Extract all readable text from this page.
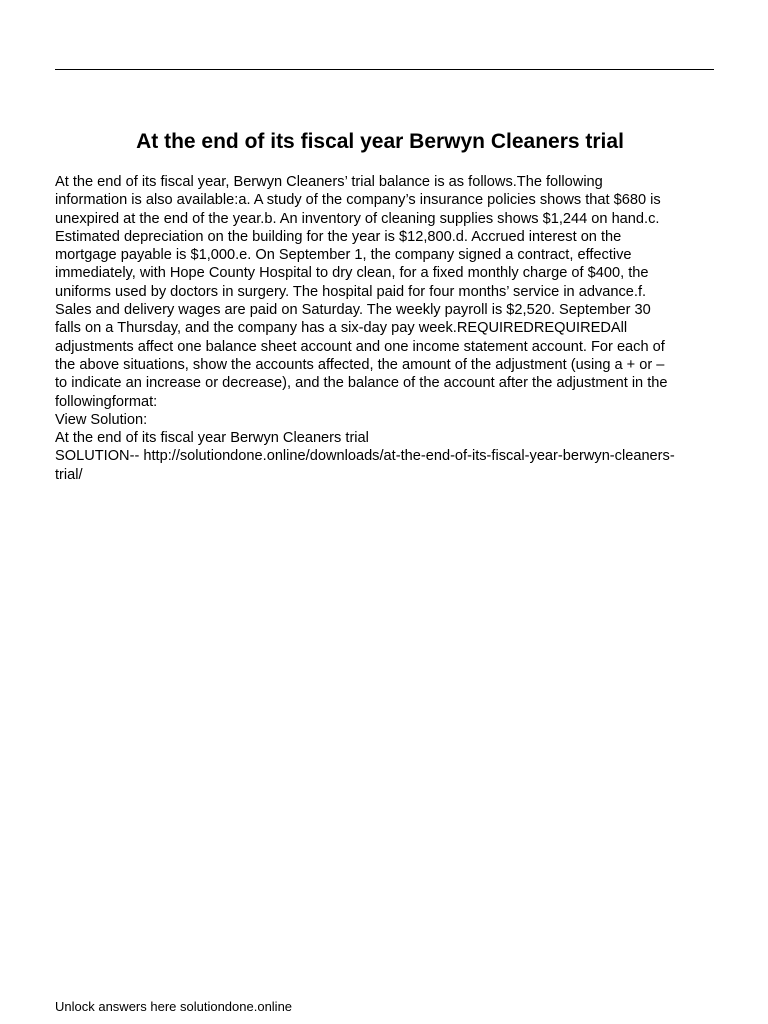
At the end of its fiscal year Berwyn Cleaners trial

At the end of its fiscal year, Berwyn Cleaners’ trial balance is as follows.The following
information is also available:a. A study of the company’s insurance policies shows that $680 is
unexpired at the end of the year.b. An inventory of cleaning supplies shows $1,244 on hand.c.
Estimated depreciation on the building for the year is $12,800.d. Accrued interest on the
mortgage payable is $1,000.e. On September 1, the company signed a contract, effective
immediately, with Hope County Hospital to dry clean, for a fixed monthly charge of $400, the
uniforms used by doctors in surgery. The hospital paid for four months’ service in advance.f.
Sales and delivery wages are paid on Saturday. The weekly payroll is $2,520. September 30
falls on a Thursday, and the company has a six-day pay week.REQUIREDREQUIREDAll
adjustments affect one balance sheet account and one income statement account. For each of
the above situations, show the accounts affected, the amount of the adjustment (using a + or –
to indicate an increase or decrease), and the balance of the account after the adjustment in the
followingformat:

View Solution:
At the end of its fiscal year Berwyn Cleaners trial
SOLUTION-- http://solutiondone.online/downloads/at-the-end-of-its-fiscal-year-berwyn-cleaners-
trial/

Unlock answers here solutiondone.online
